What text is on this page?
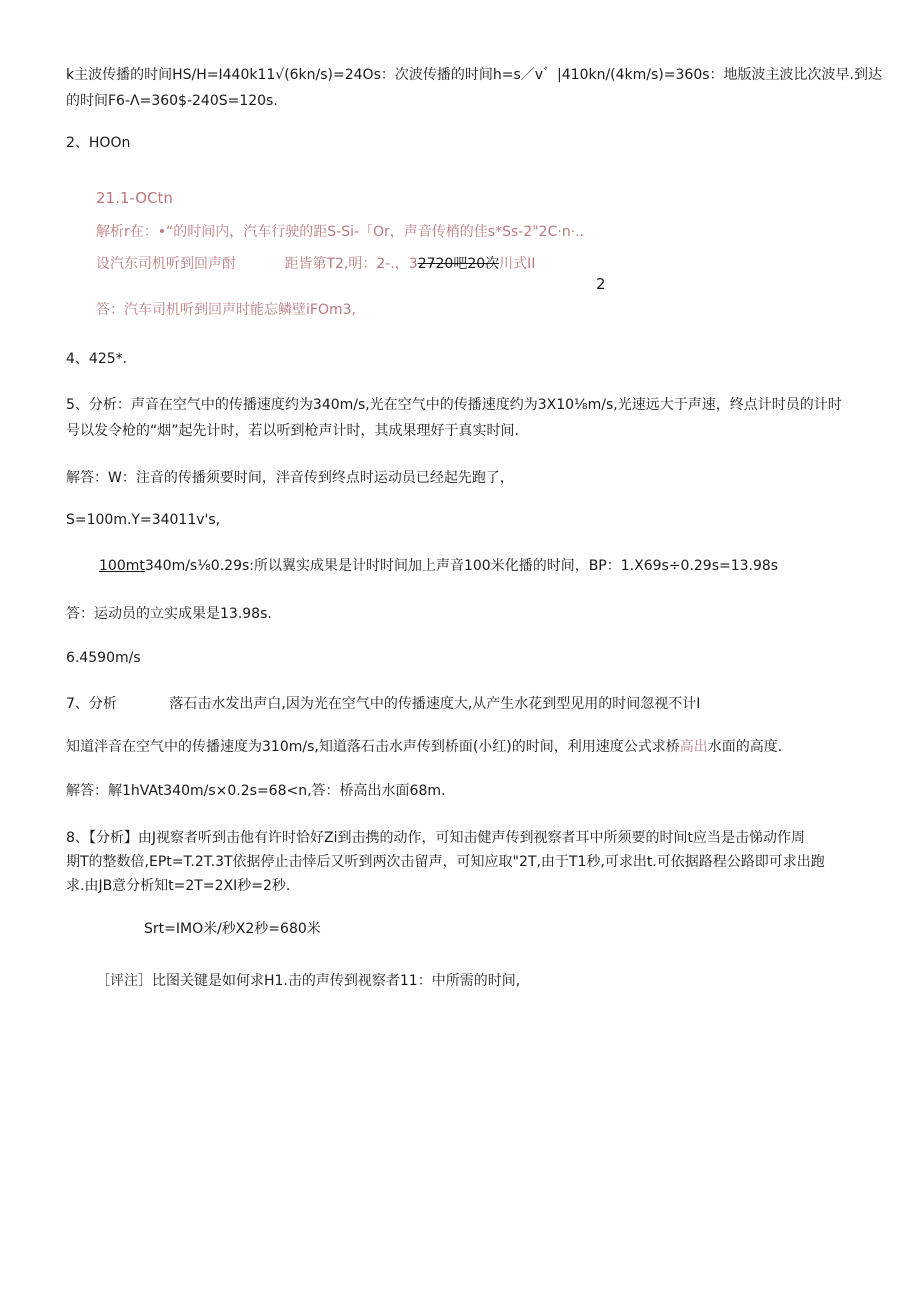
k主波传播的时间HS/H=I440k11√(6kn/s)=24Os：次波传播的时间h=s／v゛|410kn/(4km/s)=360s：地版波主波比次波早.到达
的时间F6-Λ=360$-240S=120s.
2、HOOn
21.1-OCtn
解析r在：•“的时间内，汽车行驶的距S-Si-「Or，声音传梢的佳s*Ss-2"2C·n·..
设汽东司机听到回声酎	距皆第T2,明：2-.，32720吧20次川式II
2
答：汽车司机听到回声时能忘鳞壁iFOm3,
4、425*.
5、分析：声音在空气中的传播速度约为340m/s,光在空气中的传播速度约为3X10⅛m/s,光速远大于声速，终点计时员的计时
号以发令枪的“烟”起先计时，若以听到枪声计时，其成果理好于真实时间.
解答：W：注音的传播须要时间，泮音传到终点时运动员已经起先跑了，
S=100m.Y=34011v's,
100mt340m/s⅛0.29s:所以翼实成果是计时时间加上声音100米化播的时间，BP：1.X69s÷0.29s=13.98s
答：运动员的立实成果是13.98s.
6.4590m/s
7、分析	落石击水发出声白,因为光在空气中的传播速度大,从产生水花到型见用的时间忽视不计I
知道泮音在空气中的传播速度为310m/s,知道落石击水声传到桥面(小红)的时间，利用速度公式求桥高出水面的高度.
解答：解1hVAt340m/s×0.2s=68<n,答：桥高出水面68m.
8、【分析】由J视察者听到击他有许时恰好Zi到击携的动作，可知击健声传到视察者耳中所须要的时间t应当是击悌动作周
期T的整数倍,EPt=T.2T.3T依据停止击悻后又听到两次击留声，可知应取"2T,由于T1秒,可求出t.可依据路程公路即可求出跑
求.由JB意分析知t=2T=2XI秒=2秒.
Srt=IMO米/秒X2秒=680米
［评注］比图关键是如何求H1.击的声传到视察者11：中所需的时间,
